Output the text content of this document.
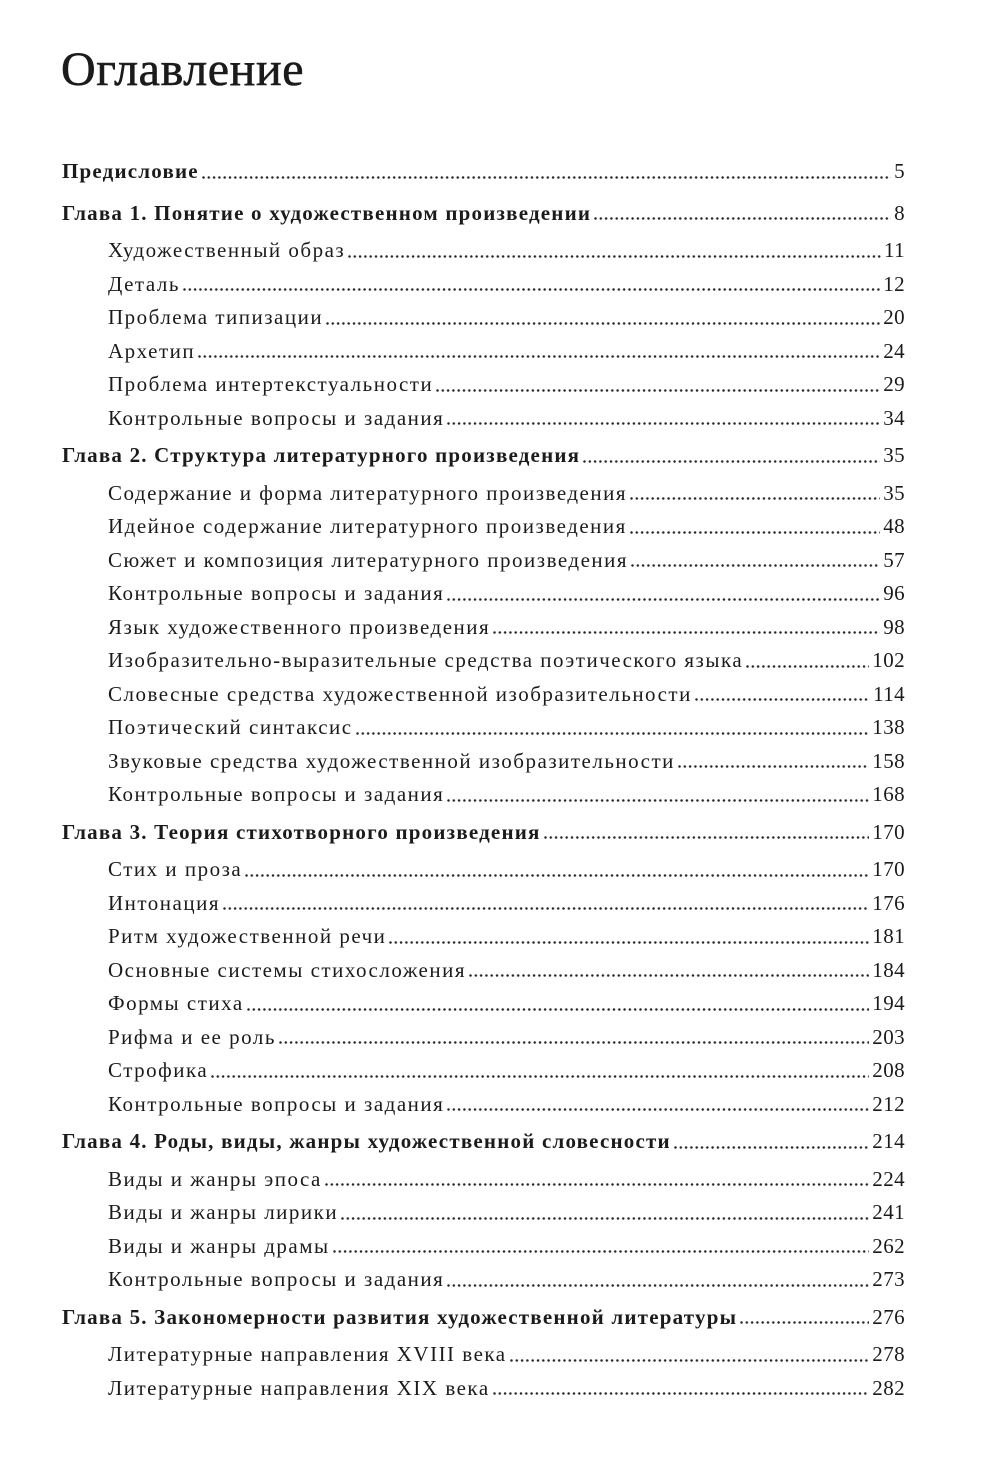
Оглавление
Предисловие	5
Глава 1. Понятие о художественном произведении	8
Художественный образ	11
Деталь	12
Проблема типизации	20
Архетип	24
Проблема интертекстуальности	29
Контрольные вопросы и задания	34
Глава 2. Структура литературного произведения	35
Содержание и форма литературного произведения	35
Идейное содержание литературного произведения	48
Сюжет и композиция литературного произведения	57
Контрольные вопросы и задания	96
Язык художественного произведения	98
Изобразительно-выразительные средства поэтического языка	102
Словесные средства художественной изобразительности	114
Поэтический синтаксис	138
Звуковые средства художественной изобразительности	158
Контрольные вопросы и задания	168
Глава 3. Теория стихотворного произведения	170
Стих и проза	170
Интонация	176
Ритм художественной речи	181
Основные системы стихосложения	184
Формы стиха	194
Рифма и ее роль	203
Строфика	208
Контрольные вопросы и задания	212
Глава 4. Роды, виды, жанры художественной словесности	214
Виды и жанры эпоса	224
Виды и жанры лирики	241
Виды и жанры драмы	262
Контрольные вопросы и задания	273
Глава 5. Закономерности развития художественной литературы	276
Литературные направления XVIII века	278
Литературные направления XIX века	282
